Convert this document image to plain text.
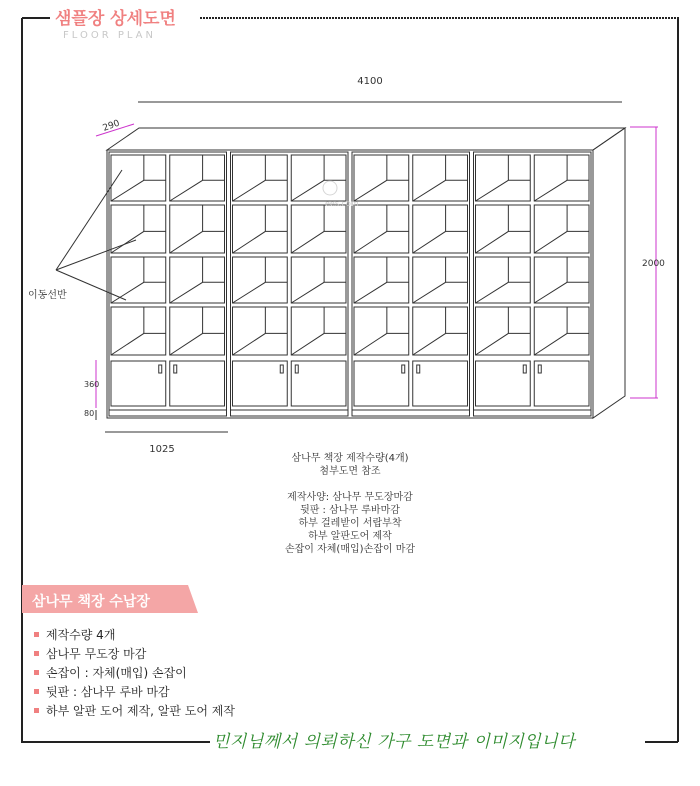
4100
290
2000
360
80
1025
이동선반
ees.com
샘플장 상세도면
FLOOR PLAN

삼나무 책장 제작수량(4개)

첨부도면 참조

제작사양: 삼나무 무도장마감

뒷판 : 삼나무 루바마감

하부 걸레받이 서랍부착

하부 알판도어 제작

손잡이 자체(매입)손잡이 마감

삼나무 책장 수납장
제작수량 4개
삼나무 무도장 마감
손잡이 : 자체(매입) 손잡이
뒷판 : 삼나무 루바 마감
하부 알판 도어 제작, 알판 도어 제작
민지님께서 의뢰하신 가구 도면과 이미지입니다
